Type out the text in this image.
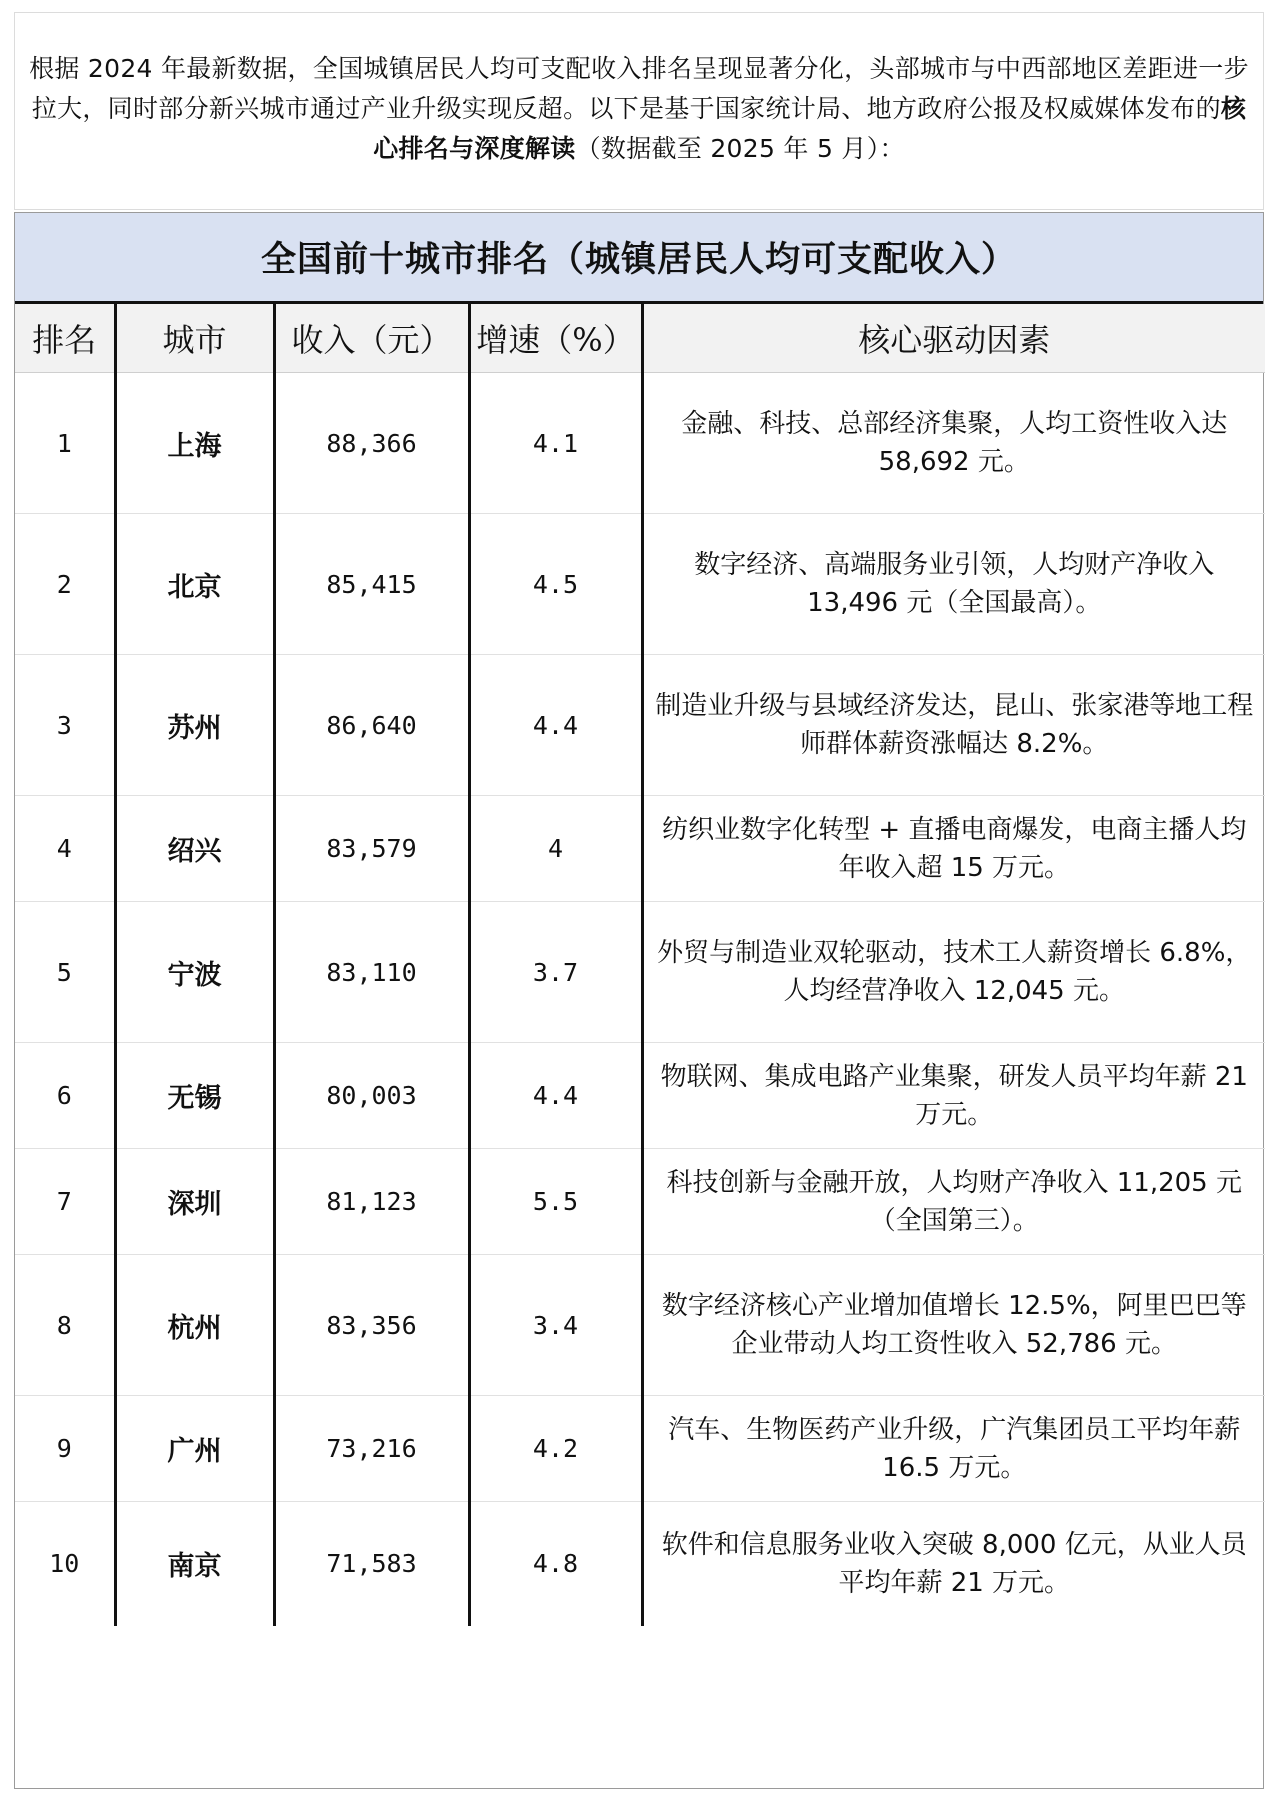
根据 2024 年最新数据，全国城镇居民人均可支配收入排名呈现显著分化，头部城市与中西部地区差距进一步拉大，同时部分新兴城市通过产业升级实现反超。以下是基于国家统计局、地方政府公报及权威媒体发布的核心排名与深度解读（数据截至 2025 年 5 月）：
全国前十城市排名（城镇居民人均可支配收入）
排名	城市	收入（元）	增速（%）	核心驱动因素
1	上海	88,366	4.1	金融、科技、总部经济集聚，人均工资性收入达 58,692 元。
2	北京	85,415	4.5	数字经济、高端服务业引领，人均财产净收入 13,496 元（全国最高）。
3	苏州	86,640	4.4	制造业升级与县域经济发达，昆山、张家港等地工程师群体薪资涨幅达 8.2%。
4	绍兴	83,579	4	纺织业数字化转型 + 直播电商爆发，电商主播人均年收入超 15 万元。
5	宁波	83,110	3.7	外贸与制造业双轮驱动，技术工人薪资增长 6.8%，人均经营净收入 12,045 元。
6	无锡	80,003	4.4	物联网、集成电路产业集聚，研发人员平均年薪 21 万元。
7	深圳	81,123	5.5	科技创新与金融开放，人均财产净收入 11,205 元（全国第三）。
8	杭州	83,356	3.4	数字经济核心产业增加值增长 12.5%，阿里巴巴等企业带动人均工资性收入 52,786 元。
9	广州	73,216	4.2	汽车、生物医药产业升级，广汽集团员工平均年薪 16.5 万元。
10	南京	71,583	4.8	软件和信息服务业收入突破 8,000 亿元，从业人员平均年薪 21 万元。
